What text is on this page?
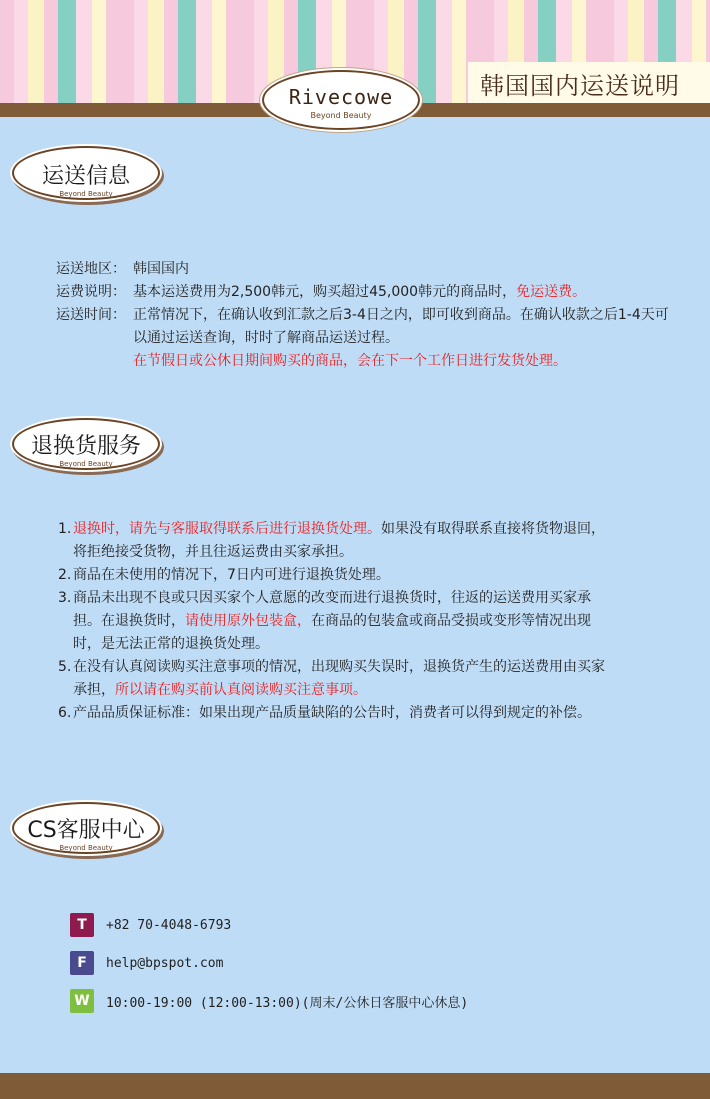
韩国国内运送说明
Rivecowe
Beyond Beauty
运送信息
Beyond Beauty
运送地区： 韩国国内
运费说明： 基本运送费用为2,500韩元，购买超过45,000韩元的商品时，免运送费。
运送时间： 正常情况下，在确认收到汇款之后3-4日之内，即可收到商品。在确认收款之后1-4天可以通过运送查询，时时了解商品运送过程。
在节假日或公休日期间购买的商品，会在下一个工作日进行发货处理。
退换货服务
Beyond Beauty
1. 退换时，请先与客服取得联系后进行退换货处理。如果没有取得联系直接将货物退回，将拒绝接受货物，并且往返运费由买家承担。
2. 商品在未使用的情况下，7日内可进行退换货处理。
3. 商品未出现不良或只因买家个人意愿的改变而进行退换货时，往返的运送费用买家承担。在退换货时，请使用原外包装盒，在商品的包装盒或商品受损或变形等情况出现时，是无法正常的退换货处理。
5. 在没有认真阅读购买注意事项的情况，出现购买失误时，退换货产生的运送费用由买家承担，所以请在购买前认真阅读购买注意事项。
6. 产品品质保证标准：如果出现产品质量缺陷的公告时，消费者可以得到规定的补偿。
CS客服中心
Beyond Beauty
T	+82 70-4048-6793
F	help@bpspot.com
W	10:00-19:00 (12:00-13:00)(周末/公休日客服中心休息)
